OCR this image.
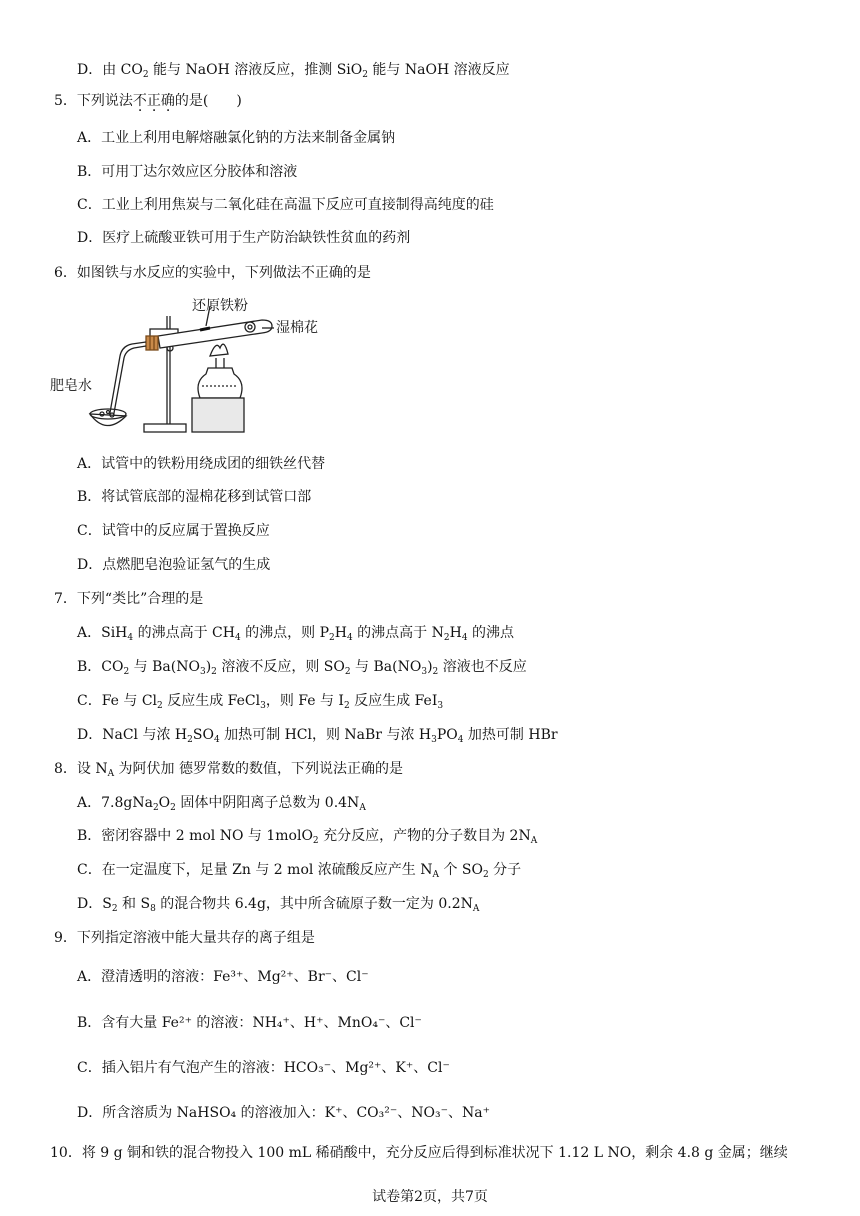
D．由 $CO_2$ 能与 NaOH 溶液反应，推测 SiO$_2$ 能与 NaOH 溶液反应
5．下列说法不正确的是(　　)
A．工业上利用电解熔融氯化钠的方法来制备金属钠
B．可用丁达尔效应区分胶体和溶液
C．工业上利用焦炭与二氧化硅在高温下反应可直接制得高纯度的硅
D．医疗上硫酸亚铁可用于生产防治缺铁性贫血的药剂
6．如图铁与水反应的实验中，下列做法不正确的是
还原铁粉
湿棉花
肥皂水
A．试管中的铁粉用绕成团的细铁丝代替
B．将试管底部的湿棉花移到试管口部
C．试管中的反应属于置换反应
D．点燃肥皂泡验证氢气的生成
7．下列“类比”合理的是
A．SiH$_4$ 的沸点高于 $CH_4$ 的沸点，则 $P_2H_4$ 的沸点高于 $N_2H_4$ 的沸点
B．$CO_2$ 与 $Ba(NO_3)_2$ 溶液不反应，则 $SO_2$ 与 $Ba(NO_3)_2$ 溶液也不反应
C．Fe 与 $Cl_2$ 反应生成 FeCl$_3$，则 Fe 与 $I_2$ 反应生成 FeI$_3$
D．NaCl 与浓 $H_2SO_4$ 加热可制 HCl，则 NaBr 与浓 $H_3PO_4$ 加热可制 HBr
8．设 $N_A$ 为阿伏加 德罗常数的数值，下列说法正确的是
A．$7.8gNa_2O_2$ 固体中阴阳离子总数为 $0.4N_A$
B．密闭容器中 2 mol NO 与 1molO$_2$ 充分反应，产物的分子数目为 $2N_A$
C．在一定温度下，足量 Zn 与 2 mol 浓硫酸反应产生 $N_A$ 个 $SO_2$ 分子
D．$S_2$ 和 $S_8$ 的混合物共 6.4g，其中所含硫原子数一定为 $0.2N_A$
9．下列指定溶液中能大量共存的离子组是
A．澄清透明的溶液：Fe³⁺、Mg²⁺、Br⁻、Cl⁻
B．含有大量 Fe²⁺ 的溶液：NH₄⁺、H⁺、MnO₄⁻、Cl⁻
C．插入铝片有气泡产生的溶液：HCO₃⁻、Mg²⁺、K⁺、Cl⁻
D．所含溶质为 NaHSO₄ 的溶液加入：K⁺、CO₃²⁻、NO₃⁻、Na⁺
10．将 9 g 铜和铁的混合物投入 100 mL 稀硝酸中，充分反应后得到标准状况下 1.12 L NO，剩余 4.8 g 金属；继续
试卷第2页，共7页
